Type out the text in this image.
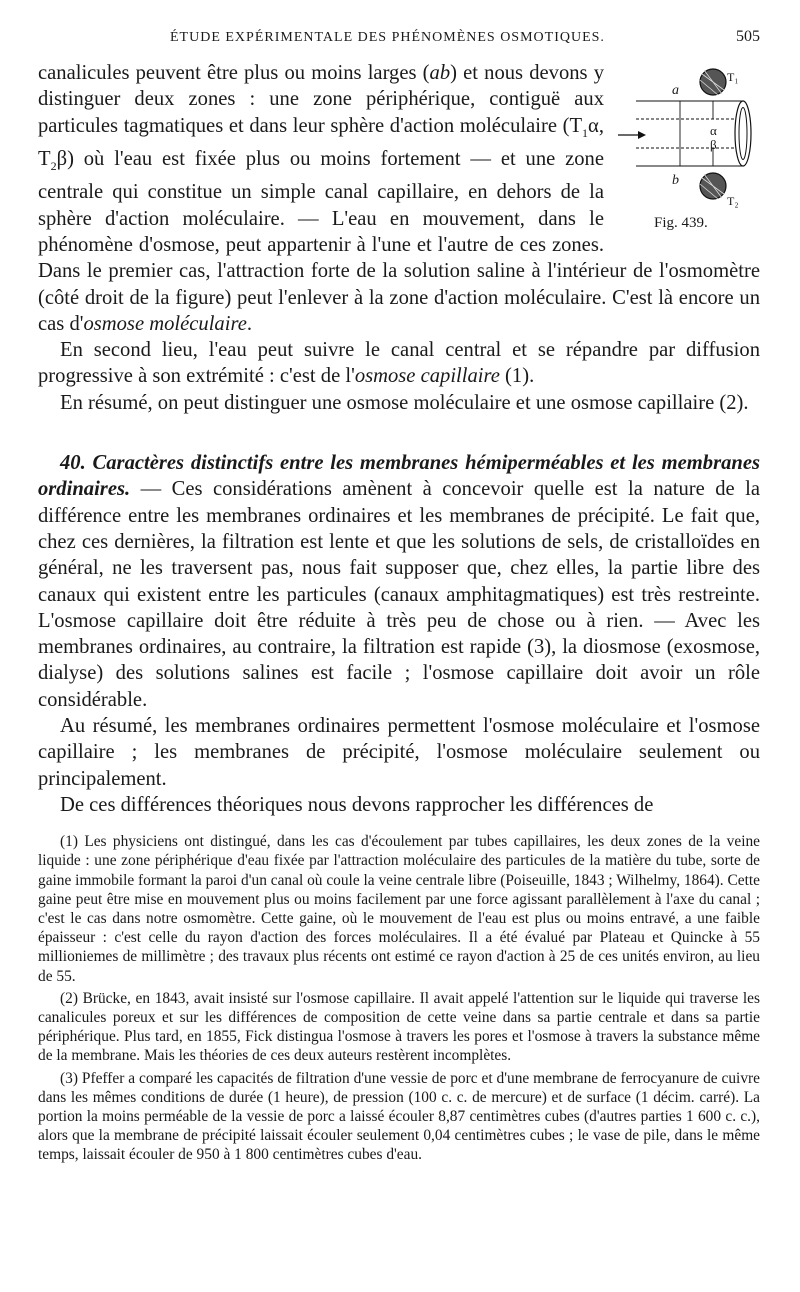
ÉTUDE EXPÉRIMENTALE DES PHÉNOMÈNES OSMOTIQUES.	505
a
b
α
β
T₁
T₂
Fig. 439.

canalicules peuvent être plus ou moins larges (ab) et nous devons y distinguer deux zones : une zone périphérique, contiguë aux particules tagmatiques et dans leur sphère d'action moléculaire ($T_1\alpha$, $T_2\beta$) où l'eau est fixée plus ou moins fortement — et une zone centrale qui constitue un simple canal capillaire, en dehors de la sphère d'action moléculaire. — L'eau en mouvement, dans le phénomène d'osmose, peut appartenir à l'une et l'autre de ces zones. Dans le premier cas, l'attraction forte de la solution saline à l'intérieur de l'osmomètre (côté droit de la figure) peut l'enlever à la zone d'action moléculaire. C'est là encore un cas d'osmose moléculaire.

En second lieu, l'eau peut suivre le canal central et se répandre par diffusion progressive à son extrémité : c'est de l'osmose capillaire (1).

En résumé, on peut distinguer une osmose moléculaire et une osmose capillaire (2).

40. Caractères distinctifs entre les membranes hémiperméables et les membranes ordinaires. — Ces considérations amènent à concevoir quelle est la nature de la différence entre les membranes ordinaires et les membranes de précipité. Le fait que, chez ces dernières, la filtration est lente et que les solutions de sels, de cristalloïdes en général, ne les traversent pas, nous fait supposer que, chez elles, la partie libre des canaux qui existent entre les particules (canaux amphitagmatiques) est très restreinte. L'osmose capillaire doit être réduite à très peu de chose ou à rien. — Avec les membranes ordinaires, au contraire, la filtration est rapide (3), la diosmose (exosmose, dialyse) des solutions salines est facile ; l'osmose capillaire doit avoir un rôle considérable.

Au résumé, les membranes ordinaires permettent l'osmose moléculaire et l'osmose capillaire ; les membranes de précipité, l'osmose moléculaire seulement ou principalement.

De ces différences théoriques nous devons rapprocher les différences de

(1) Les physiciens ont distingué, dans les cas d'écoulement par tubes capillaires, les deux zones de la veine liquide : une zone périphérique d'eau fixée par l'attraction moléculaire des particules de la matière du tube, sorte de gaine immobile formant la paroi d'un canal où coule la veine centrale libre (Poiseuille, 1843 ; Wilhelmy, 1864). Cette gaine peut être mise en mouvement plus ou moins facilement par une force agissant parallèlement à l'axe du canal ; c'est le cas dans notre osmomètre. Cette gaine, où le mouvement de l'eau est plus ou moins entravé, a une faible épaisseur : c'est celle du rayon d'action des forces moléculaires. Il a été évalué par Plateau et Quincke à 55 millioniemes de millimètre ; des travaux plus récents ont estimé ce rayon d'action à 25 de ces unités environ, au lieu de 55.

(2) Brücke, en 1843, avait insisté sur l'osmose capillaire. Il avait appelé l'attention sur le liquide qui traverse les canalicules poreux et sur les différences de composition de cette veine dans sa partie centrale et dans sa partie périphérique. Plus tard, en 1855, Fick distingua l'osmose à travers les pores et l'osmose à travers la substance même de la membrane. Mais les théories de ces deux auteurs restèrent incomplètes.

(3) Pfeffer a comparé les capacités de filtration d'une vessie de porc et d'une membrane de ferrocyanure de cuivre dans les mêmes conditions de durée (1 heure), de pression (100 c. c. de mercure) et de surface (1 décim. carré). La portion la moins perméable de la vessie de porc a laissé écouler 8,87 centimètres cubes (d'autres parties 1 600 c. c.), alors que la membrane de précipité laissait écouler seulement 0,04 centimètres cubes ; le vase de pile, dans le même temps, laissait écouler de 950 à 1 800 centimètres cubes d'eau.
